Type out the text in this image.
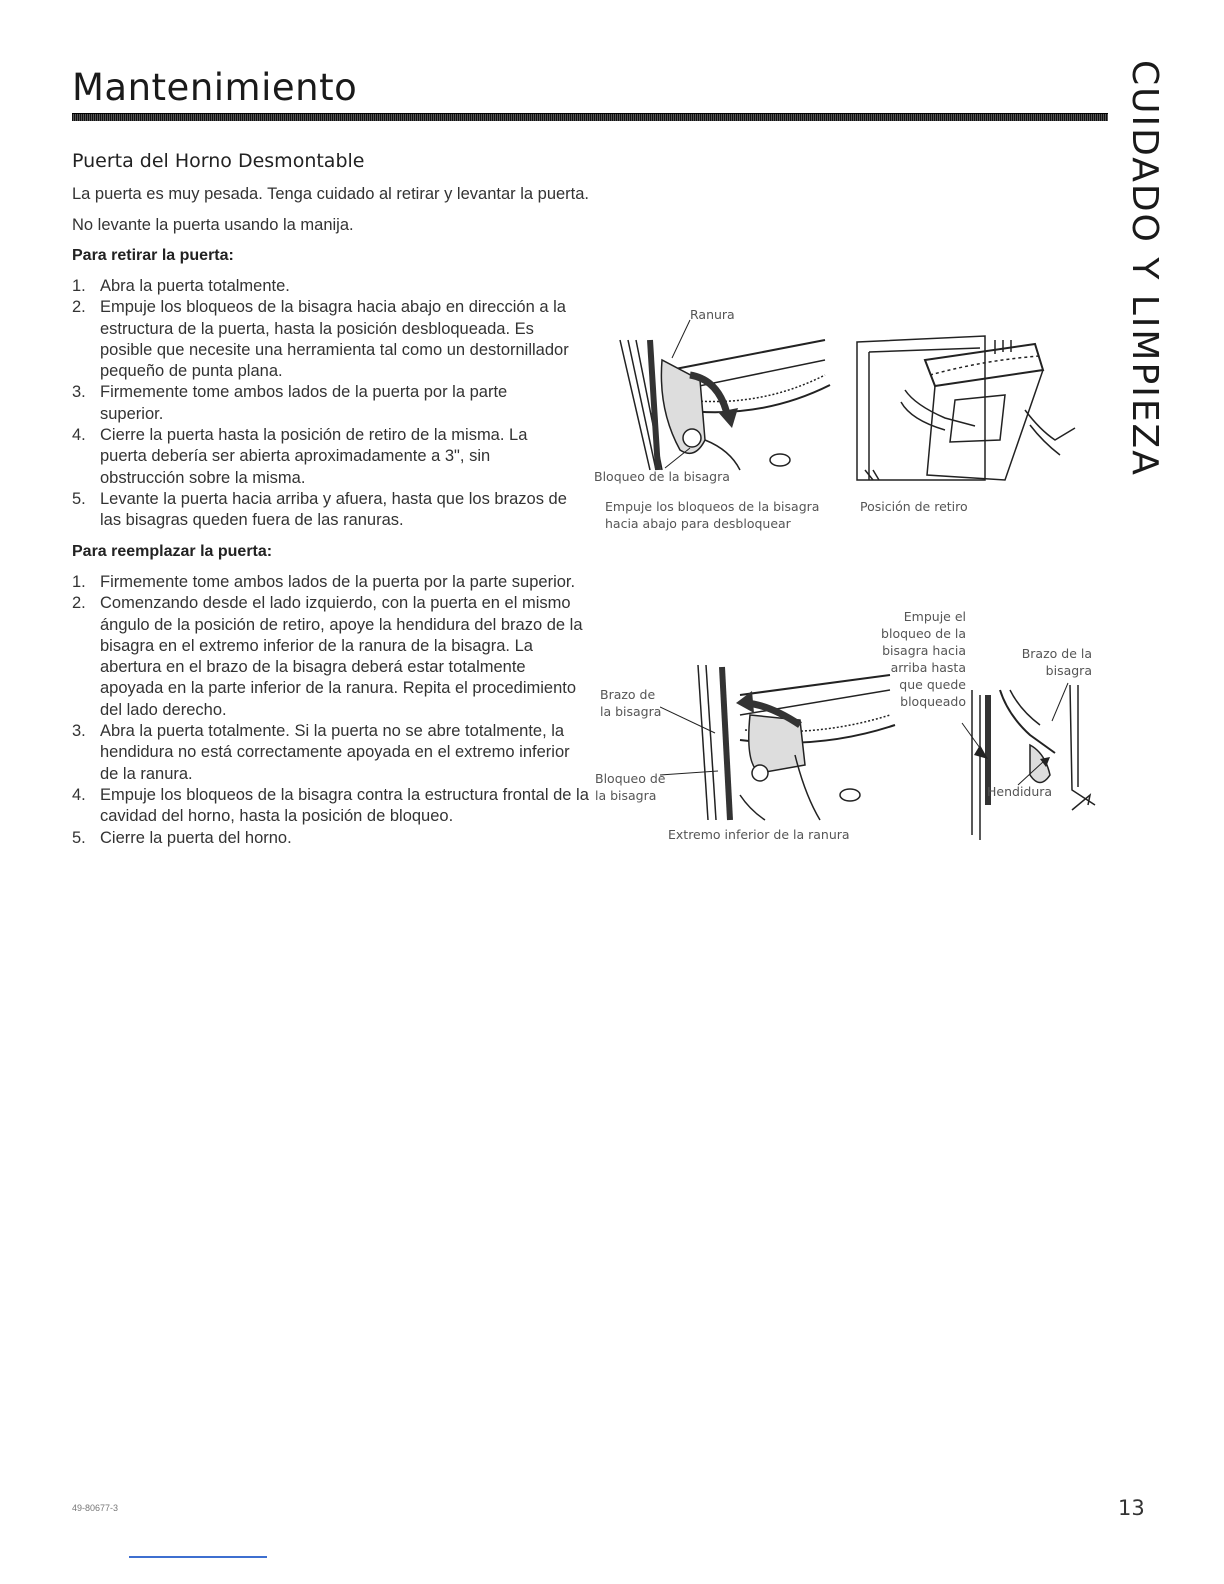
Mantenimiento	CUIDADO Y LIMPIEZA
Puerta del Horno Desmontable

La puerta es muy pesada. Tenga cuidado al retirar y levantar la puerta.

No levante la puerta usando la manija.

Para retirar la puerta:

1. Abra la puerta totalmente.
2. Empuje los bloqueos de la bisagra hacia abajo en dirección a la estructura de la puerta, hasta la posición desbloqueada. Es posible que necesite una herramienta tal como un destornillador pequeño de punta plana.
3. Firmemente tome ambos lados de la puerta por la parte superior.
4. Cierre la puerta hasta la posición de retiro de la misma. La puerta debería ser abierta aproximadamente a 3", sin obstrucción sobre la misma.
5. Levante la puerta hacia arriba y afuera, hasta que los brazos de las bisagras queden fuera de las ranuras.

Para reemplazar la puerta:

1. Firmemente tome ambos lados de la puerta por la parte superior.
2. Comenzando desde el lado izquierdo, con la puerta en el mismo ángulo de la posición de retiro, apoye la hendidura del brazo de la bisagra en el extremo inferior de la ranura de la bisagra. La abertura en el brazo de la bisagra deberá estar totalmente apoyada en la parte inferior de la ranura. Repita el procedimiento del lado derecho.
3. Abra la puerta totalmente. Si la puerta no se abre totalmente, la hendidura no está correctamente apoyada en el extremo inferior de la ranura.
4. Empuje los bloqueos de la bisagra contra la estructura frontal de la cavidad del horno, hasta la posición de bloqueo.
5. Cierre la puerta del horno.
Ranura
Bloqueo de la bisagra
Empuje los bloqueos de la bisagra
hacia abajo para desbloquear
Posición de retiro
Brazo de
la bisagra
Bloqueo de
la bisagra
Extremo inferior de la ranura
Empuje el
bloqueo de la
bisagra hacia
arriba hasta
que quede
bloqueado
Brazo de la
bisagra
Hendidura
49-80677-3	13
